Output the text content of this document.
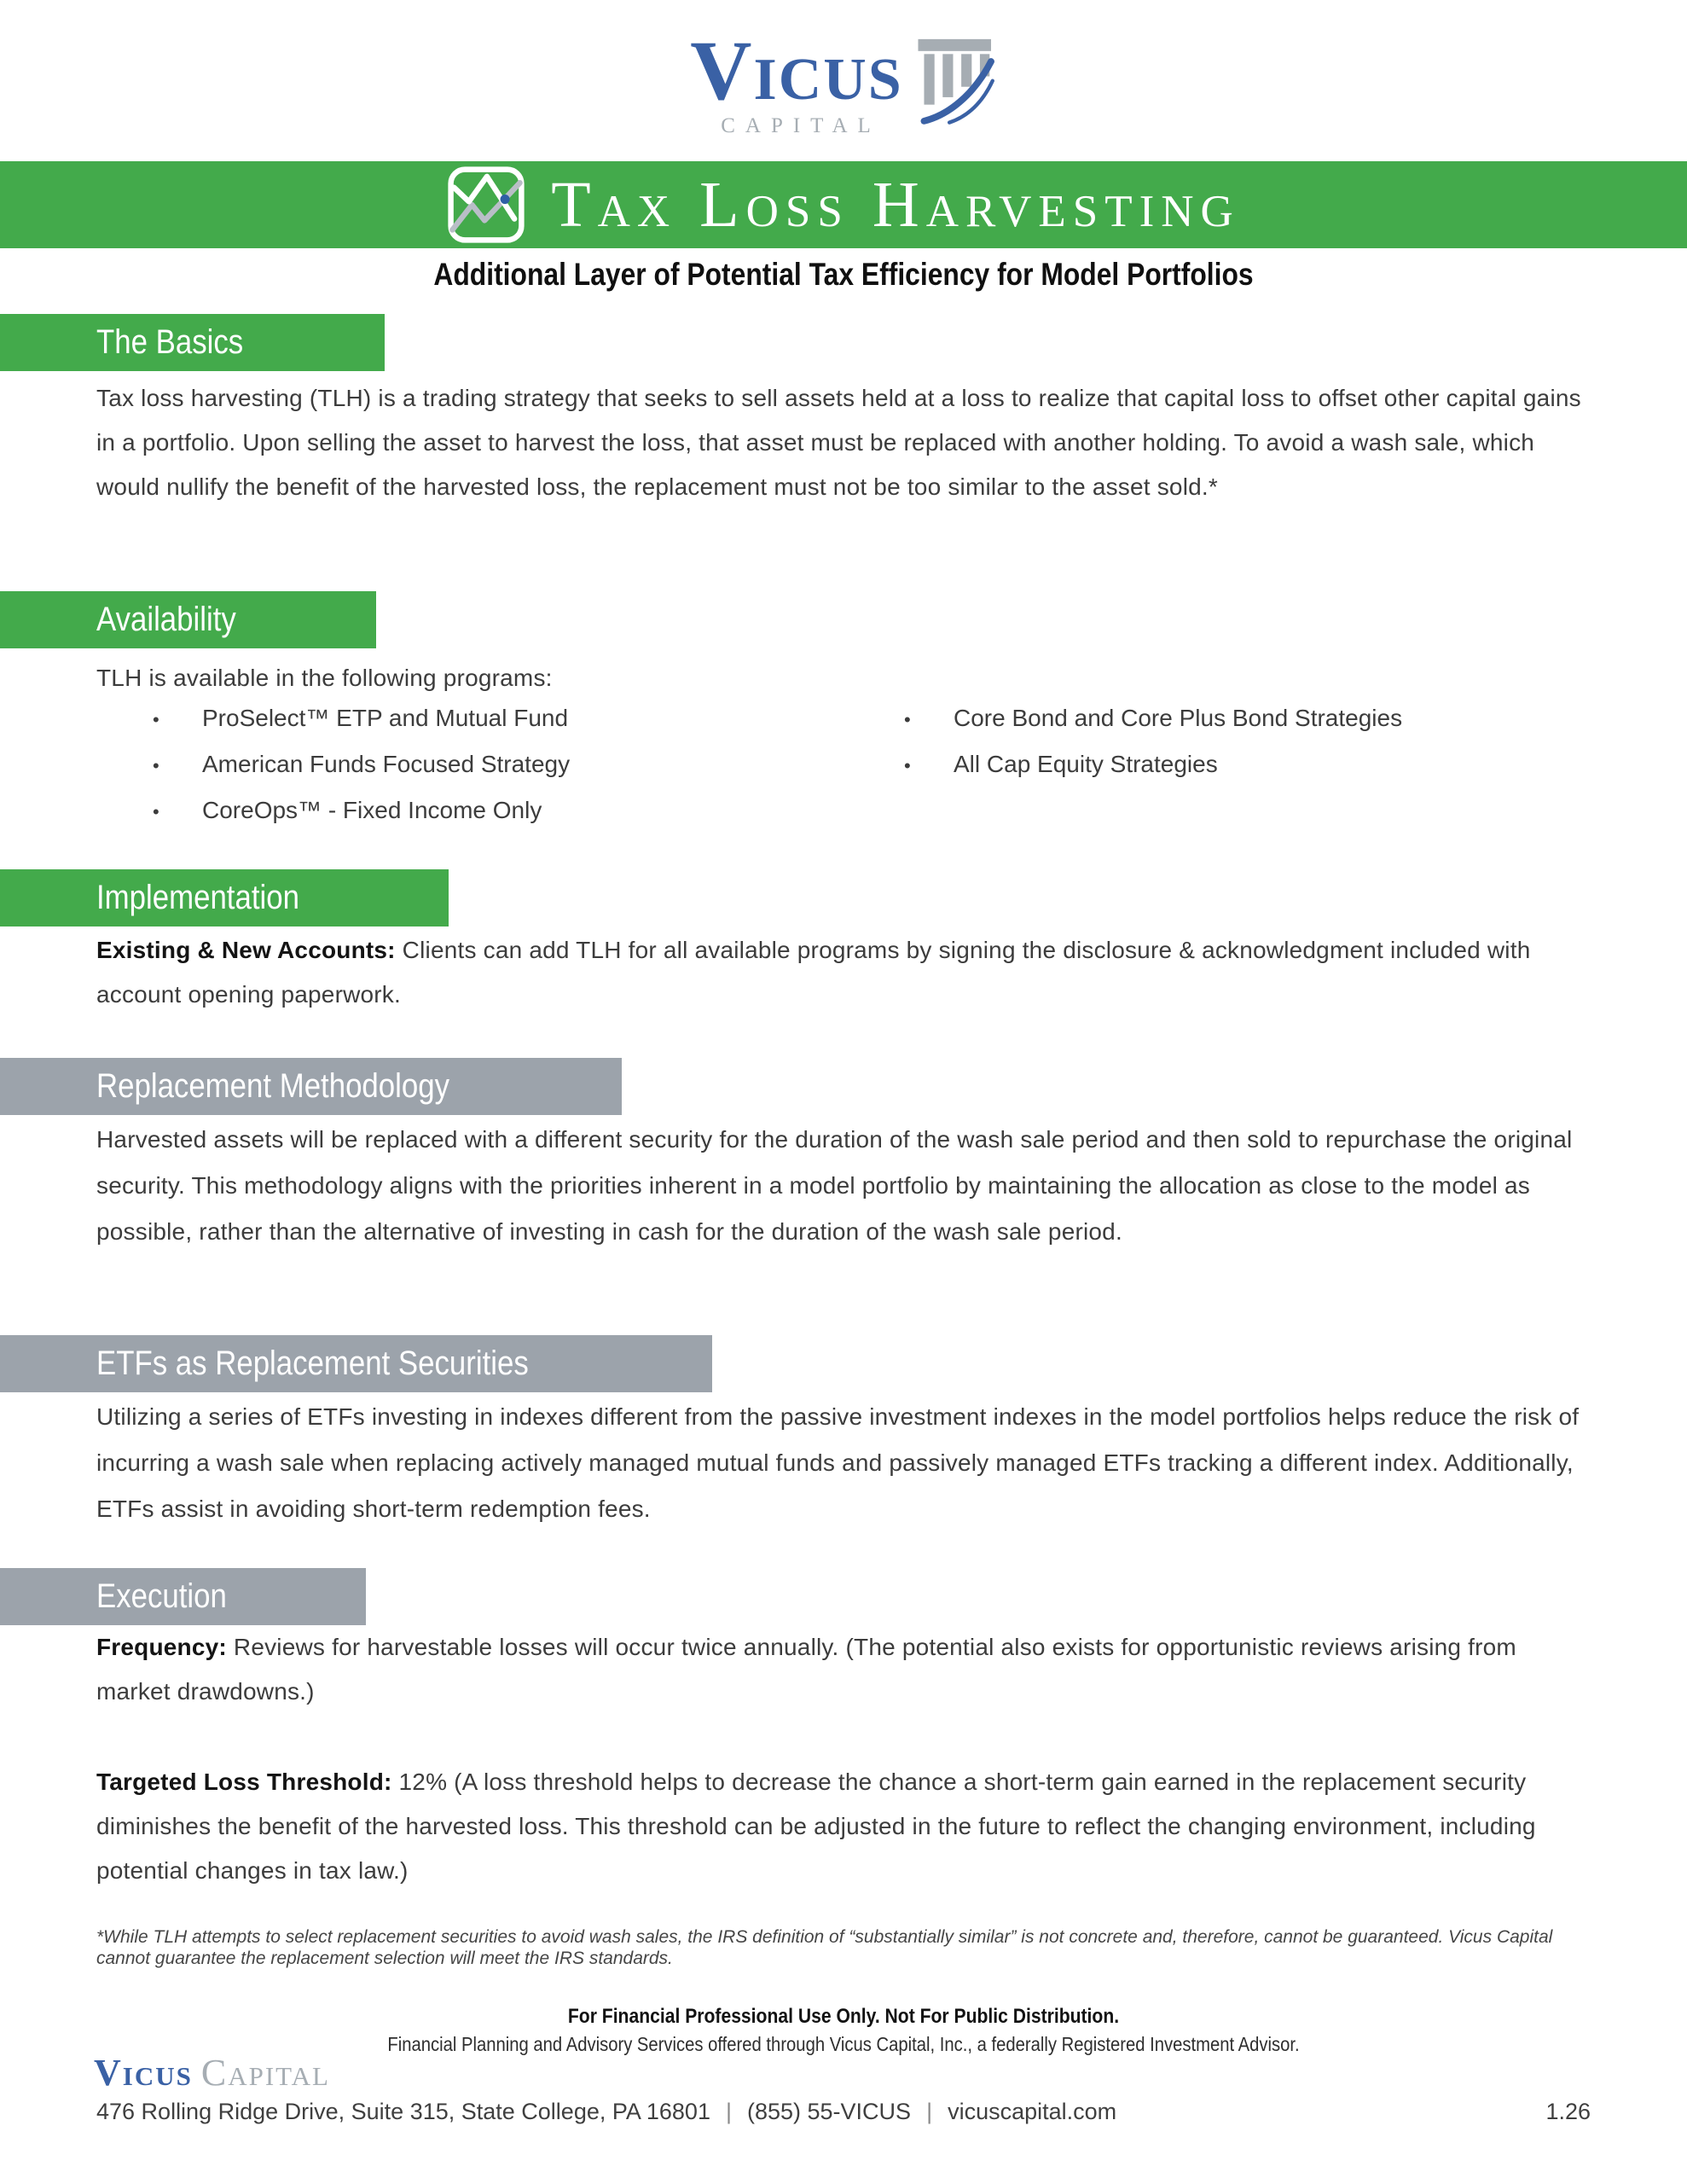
Vicus
CAPITAL
Tax Loss Harvesting
Additional Layer of Potential Tax Efficiency for Model Portfolios
The Basics
Tax loss harvesting (TLH) is a trading strategy that seeks to sell assets held at a loss to realize that capital loss to offset other capital gains in a portfolio. Upon selling the asset to harvest the loss, that asset must be replaced with another holding. To avoid a wash sale, which would nullify the benefit of the harvested loss, the replacement must not be too similar to the asset sold.*
Availability
TLH is available in the following programs:
•	ProSelect™ ETP and Mutual Fund
•	American Funds Focused Strategy
•	CoreOps™ - Fixed Income Only
•	Core Bond and Core Plus Bond Strategies
•	All Cap Equity Strategies
Implementation
Existing & New Accounts: Clients can add TLH for all available programs by signing the disclosure & acknowledgment included with account opening paperwork.
Replacement Methodology
Harvested assets will be replaced with a different security for the duration of the wash sale period and then sold to repurchase the original security. This methodology aligns with the priorities inherent in a model portfolio by maintaining the allocation as close to the model as possible, rather than the alternative of investing in cash for the duration of the wash sale period.
ETFs as Replacement Securities
Utilizing a series of ETFs investing in indexes different from the passive investment indexes in the model portfolios helps reduce the risk of incurring a wash sale when replacing actively managed mutual funds and passively managed ETFs tracking a different index. Additionally, ETFs assist in avoiding short-term redemption fees.
Execution
Frequency: Reviews for harvestable losses will occur twice annually. (The potential also exists for opportunistic reviews arising from market drawdowns.)
Targeted Loss Threshold: 12% (A loss threshold helps to decrease the chance a short-term gain earned in the replacement security diminishes the benefit of the harvested loss. This threshold can be adjusted in the future to reflect the changing environment, including potential changes in tax law.)
*While TLH attempts to select replacement securities to avoid wash sales, the IRS definition of “substantially similar” is not concrete and, therefore, cannot be guaranteed. Vicus Capital cannot guarantee the replacement selection will meet the IRS standards.
For Financial Professional Use Only. Not For Public Distribution.
Financial Planning and Advisory Services offered through Vicus Capital, Inc., a federally Registered Investment Advisor.
Vicus Capital
476 Rolling Ridge Drive, Suite 315, State College, PA 16801 | (855) 55-VICUS | vicuscapital.com	1.26
